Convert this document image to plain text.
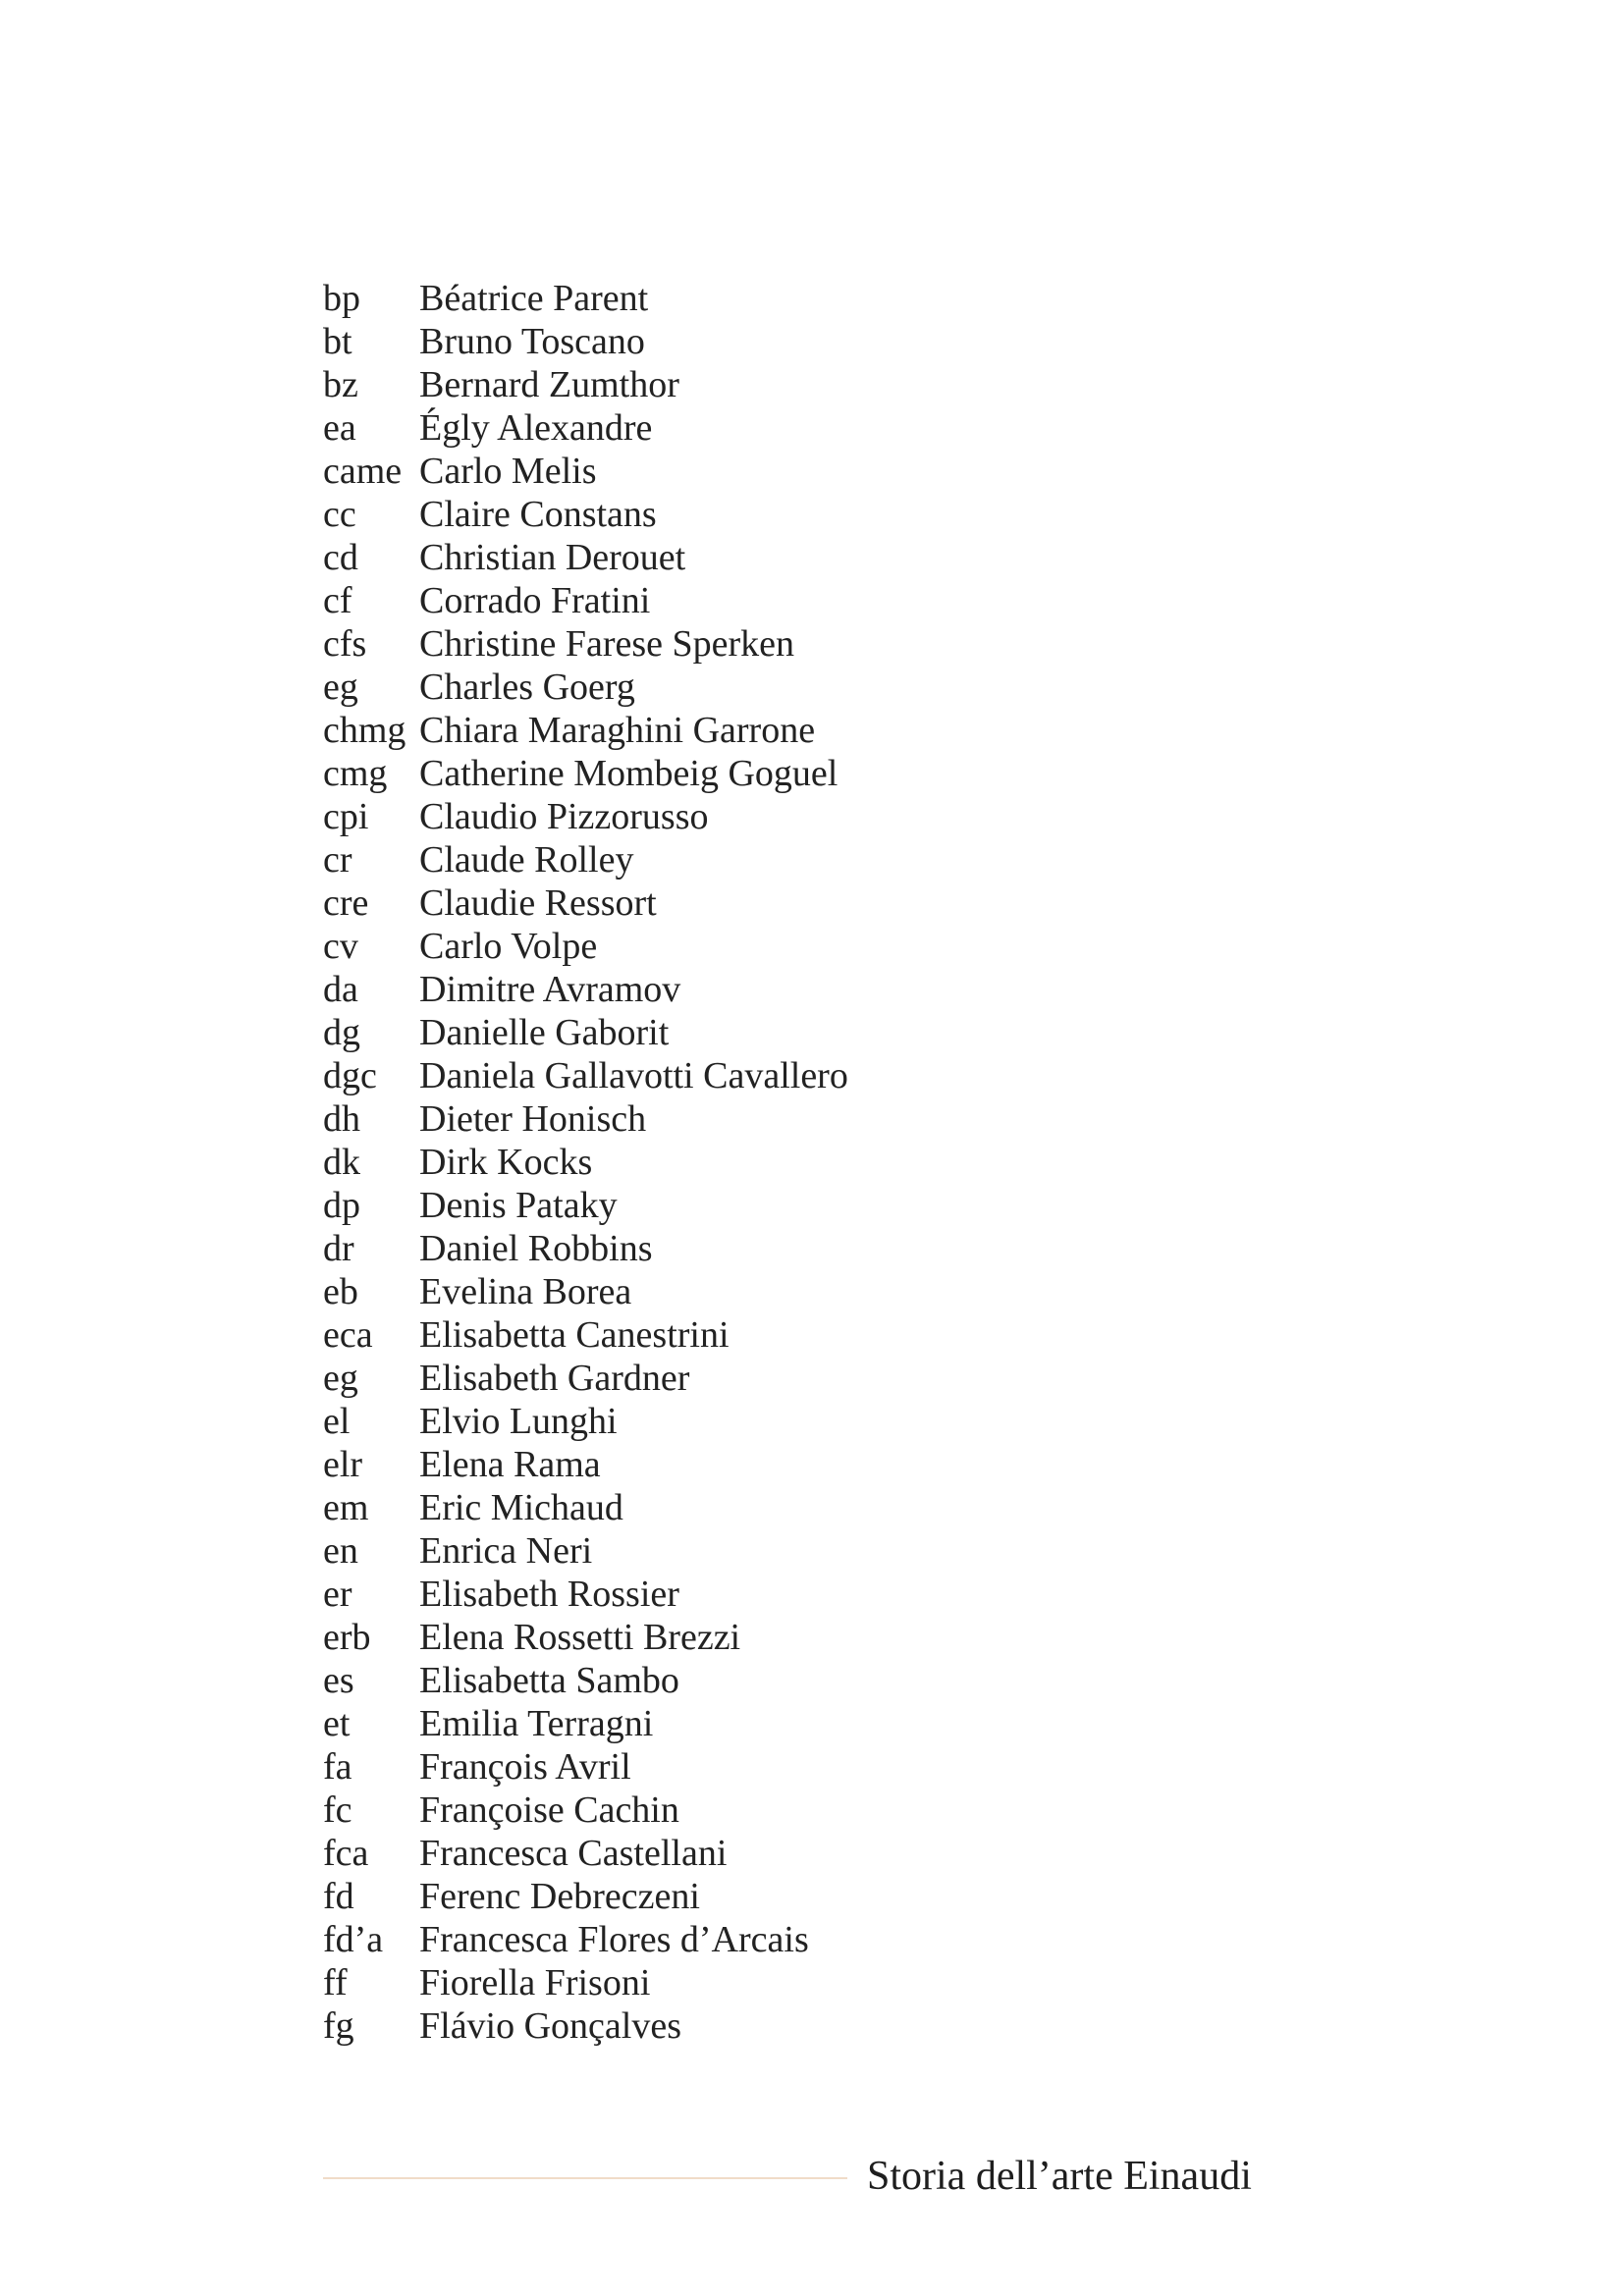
bp Béatrice Parent
bt Bruno Toscano
bz Bernard Zumthor
ea Égly Alexandre
came Carlo Melis
cc Claire Constans
cd Christian Derouet
cf Corrado Fratini
cfs Christine Farese Sperken
eg Charles Goerg
chmg Chiara Maraghini Garrone
cmg Catherine Mombeig Goguel
cpi Claudio Pizzorusso
cr Claude Rolley
cre Claudie Ressort
cv Carlo Volpe
da Dimitre Avramov
dg Danielle Gaborit
dgc Daniela Gallavotti Cavallero
dh Dieter Honisch
dk Dirk Kocks
dp Denis Pataky
dr Daniel Robbins
eb Evelina Borea
eca Elisabetta Canestrini
eg Elisabeth Gardner
el Elvio Lunghi
elr Elena Rama
em Eric Michaud
en Enrica Neri
er Elisabeth Rossier
erb Elena Rossetti Brezzi
es Elisabetta Sambo
et Emilia Terragni
fa François Avril
fc Françoise Cachin
fca Francesca Castellani
fd Ferenc Debreczeni
fd’a Francesca Flores d’Arcais
ff Fiorella Frisoni
fg Flávio Gonçalves
Storia dell’arte Einaudi
